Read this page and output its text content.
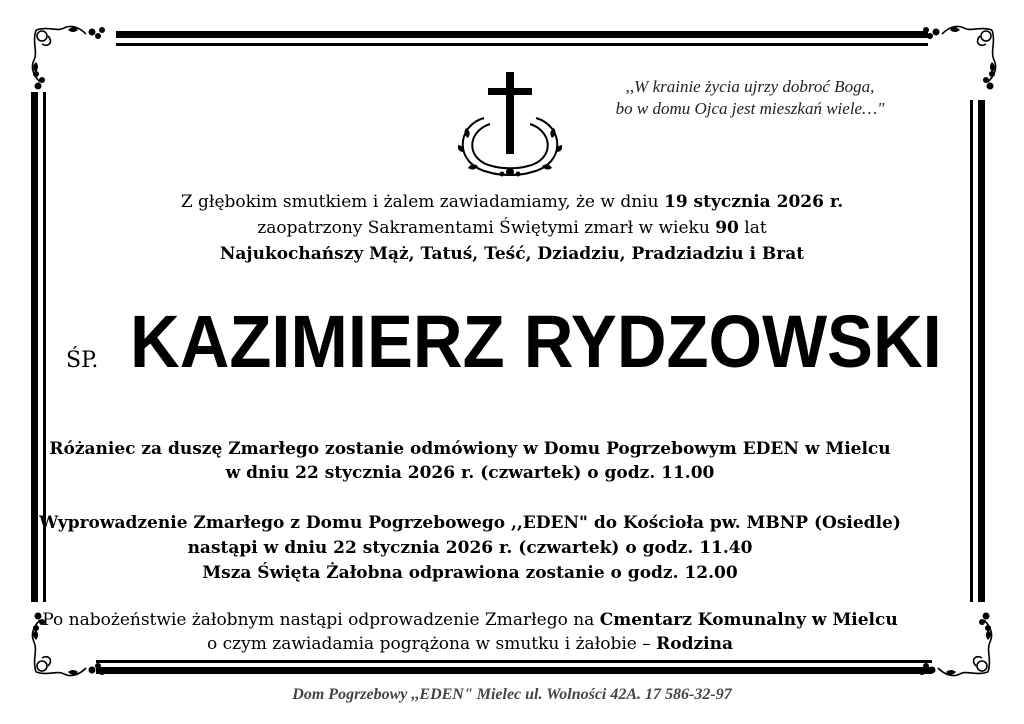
,,W krainie życia ujrzy dobroć Boga,
bo w domu Ojca jest mieszkań wiele…"
Z głębokim smutkiem i żalem zawiadamiamy, że w dniu 19 stycznia 2026 r.
zaopatrzony Sakramentami Świętymi zmarł w wieku 90 lat
Najukochańszy Mąż, Tatuś, Teść, Dziadziu, Pradziadziu i Brat
ŚP. KAZIMIERZ RYDZOWSKI
Różaniec za duszę Zmarłego zostanie odmówiony w Domu Pogrzebowym EDEN w Mielcu
w dniu 22 stycznia 2026 r. (czwartek) o godz. 11.00
Wyprowadzenie Zmarłego z Domu Pogrzebowego ,,EDEN" do Kościoła pw. MBNP (Osiedle)
nastąpi w dniu 22 stycznia 2026 r. (czwartek) o godz. 11.40
Msza Święta Żałobna odprawiona zostanie o godz. 12.00
Po nabożeństwie żałobnym nastąpi odprowadzenie Zmarłego na Cmentarz Komunalny w Mielcu
o czym zawiadamia pogrążona w smutku i żałobie – Rodzina
Dom Pogrzebowy ,,EDEN" Mielec ul. Wolności 42A. 17 586-32-97
